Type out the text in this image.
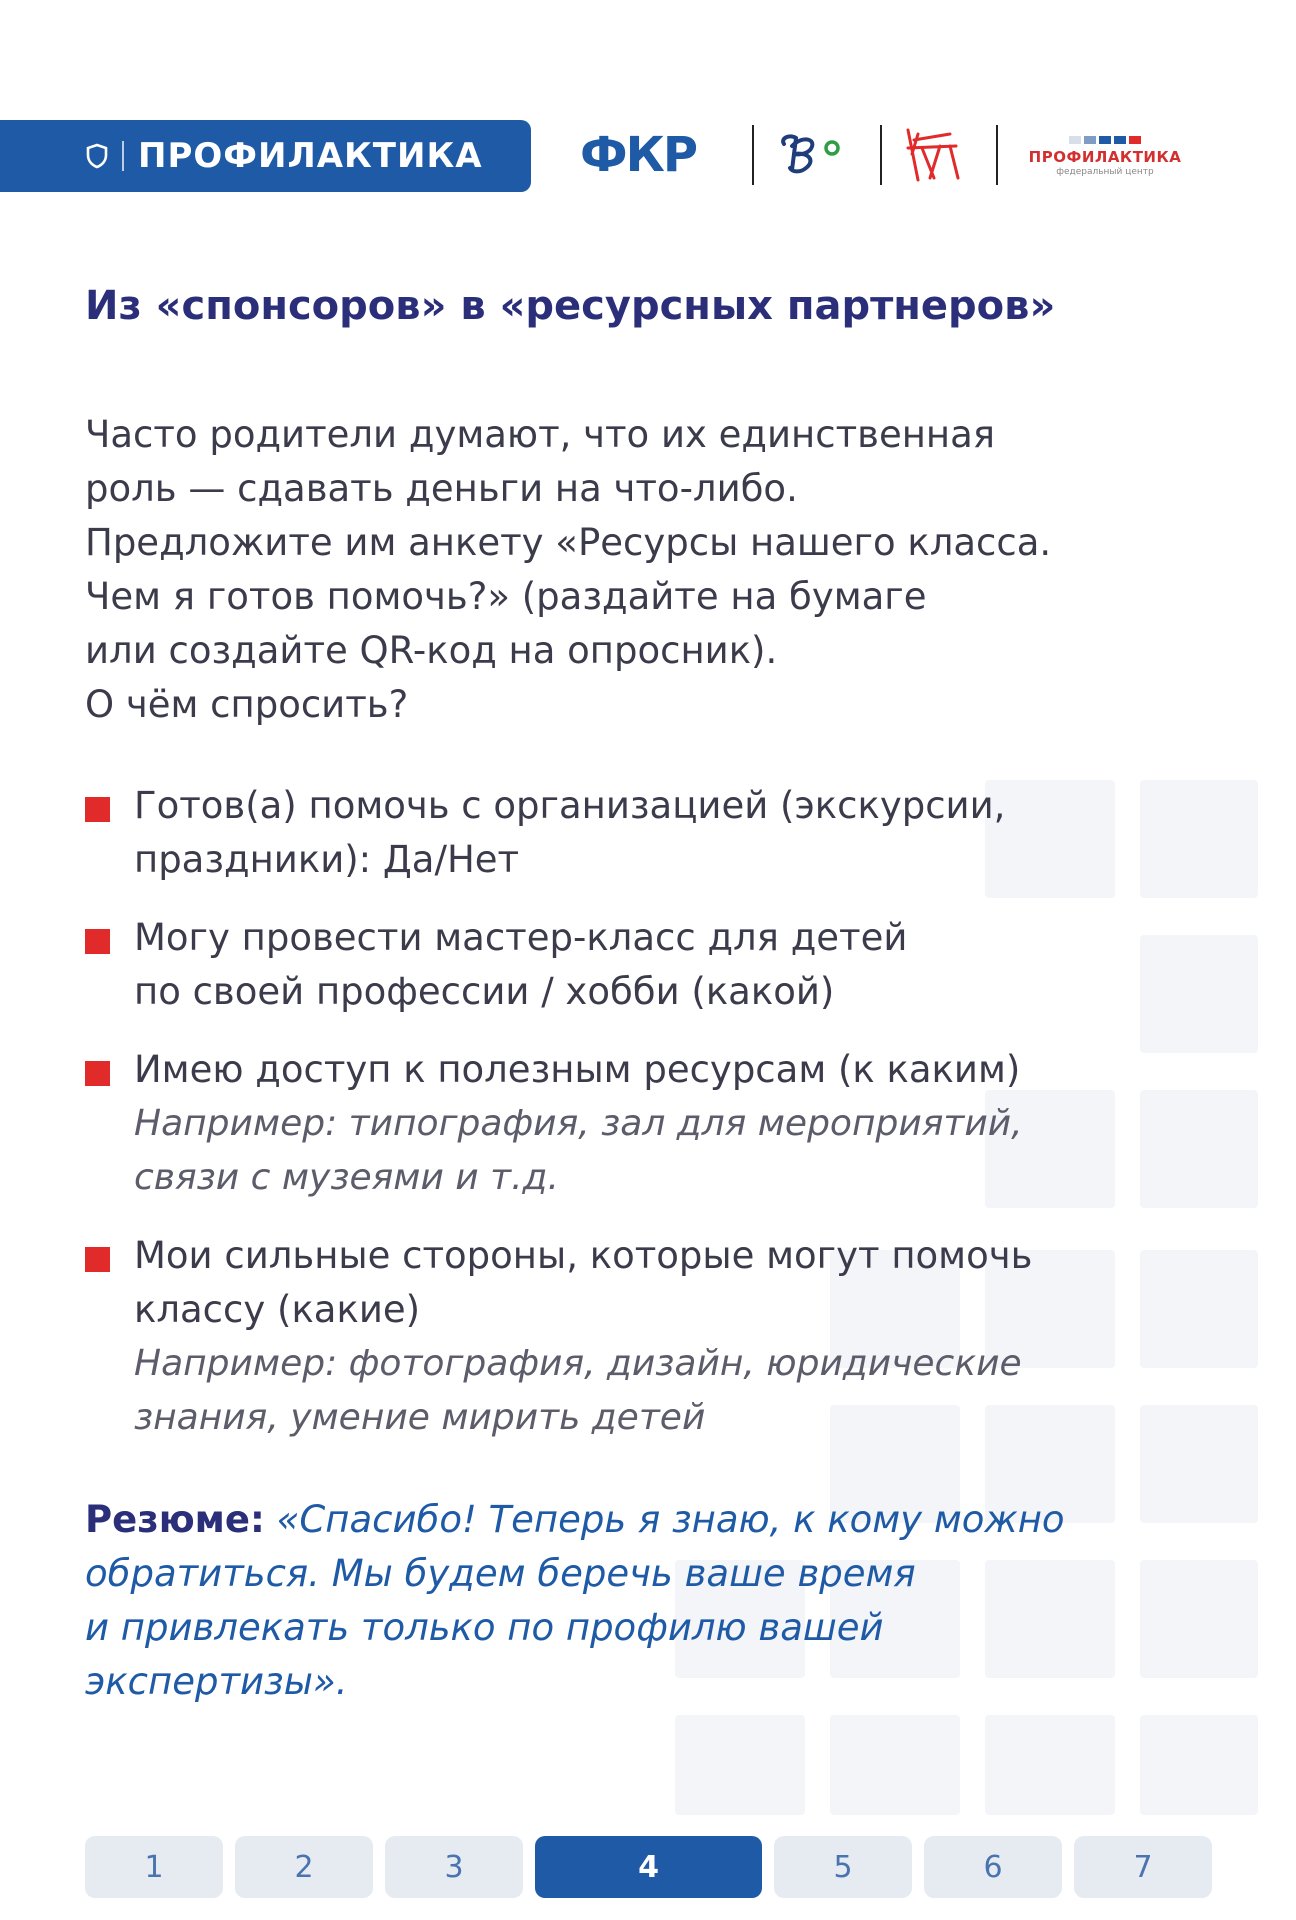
ПРОФИЛАКТИКА	ФКР	ПРОФИЛАКТИКА
федеральный центр
Из «спонсоров» в «ресурсных партнеров»
Часто родители думают, что их единственная
роль — сдавать деньги на что-либо.
Предложите им анкету «Ресурсы нашего класса.
Чем я готов помочь?» (раздайте на бумаге
или создайте QR-код на опросник).
О чём спросить?
Готов(а) помочь с организацией (экскурсии,
праздники): Да/Нет
Могу провести мастер-класс для детей
по своей профессии / хобби (какой)
Имею доступ к полезным ресурсам (к каким)
Например: типография, зал для мероприятий,
связи с музеями и т.д.
Мои сильные стороны, которые могут помочь
классу (какие)
Например: фотография, дизайн, юридические
знания, умение мирить детей
Резюме: «Спасибо! Теперь я знаю, к кому можно
обратиться. Мы будем беречь ваше время
и привлекать только по профилю вашей
экспертизы».
1	2	3	4	5	6	7
